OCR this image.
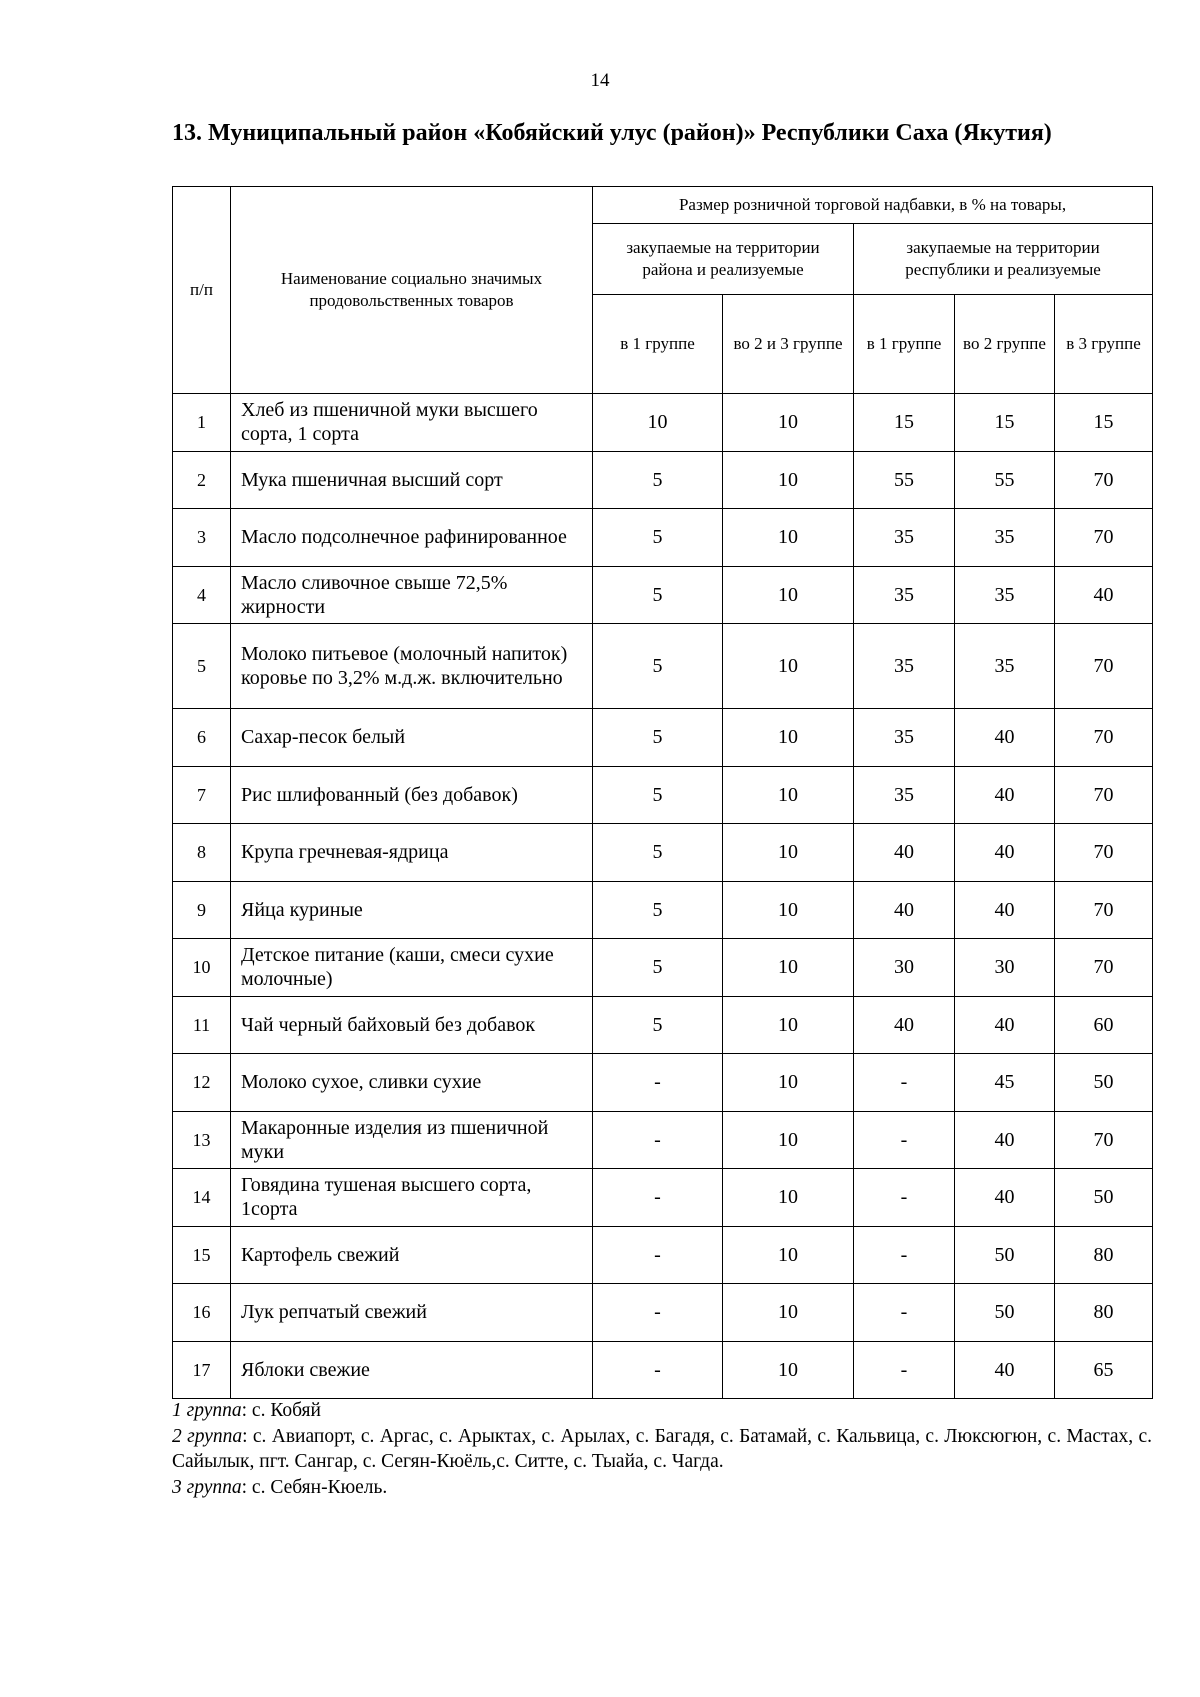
14
13. Муниципальный район «Кобяйский улус (район)» Республики Саха (Якутия)
п/п	Наименование социально значимых продовольственных товаров	Размер розничной торговой надбавки, в % на товары,				
		закупаемые на территории района и реализуемые		закупаемые на территории республики и реализуемые		
		в 1 группе	во 2 и 3 группе	в 1 группе	во 2 группе	в 3 группе
1	Хлеб из пшеничной муки высшего сорта, 1 сорта	10	10	15	15	15
2	Мука пшеничная высший сорт	5	10	55	55	70
3	Масло подсолнечное рафинированное	5	10	35	35	70
4	Масло сливочное свыше 72,5% жирности	5	10	35	35	40
5	Молоко питьевое (молочный напиток) коровье по 3,2% м.д.ж. включительно	5	10	35	35	70
6	Сахар-песок белый	5	10	35	40	70
7	Рис шлифованный (без добавок)	5	10	35	40	70
8	Крупа гречневая-ядрица	5	10	40	40	70
9	Яйца куриные	5	10	40	40	70
10	Детское питание (каши, смеси сухие молочные)	5	10	30	30	70
11	Чай черный байховый без добавок	5	10	40	40	60
12	Молоко сухое, сливки сухие	-	10	-	45	50
13	Макаронные изделия из пшеничной муки	-	10	-	40	70
14	Говядина тушеная высшего сорта, 1сорта	-	10	-	40	50
15	Картофель свежий	-	10	-	50	80
16	Лук репчатый свежий	-	10	-	50	80
17	Яблоки свежие	-	10	-	40	65

1 группа: с. Кобяй

2 группа: с. Авиапорт, с. Аргас, с. Арыктах, с. Арылах, с. Багадя, с. Батамай, с. Кальвица, с. Люксюгюн, с. Мастах, с. Сайылык, пгт. Сангар, с. Сегян-Кюёль,с. Ситте, с. Тыайа, с. Чагда.

3 группа: с. Себян-Кюель.
